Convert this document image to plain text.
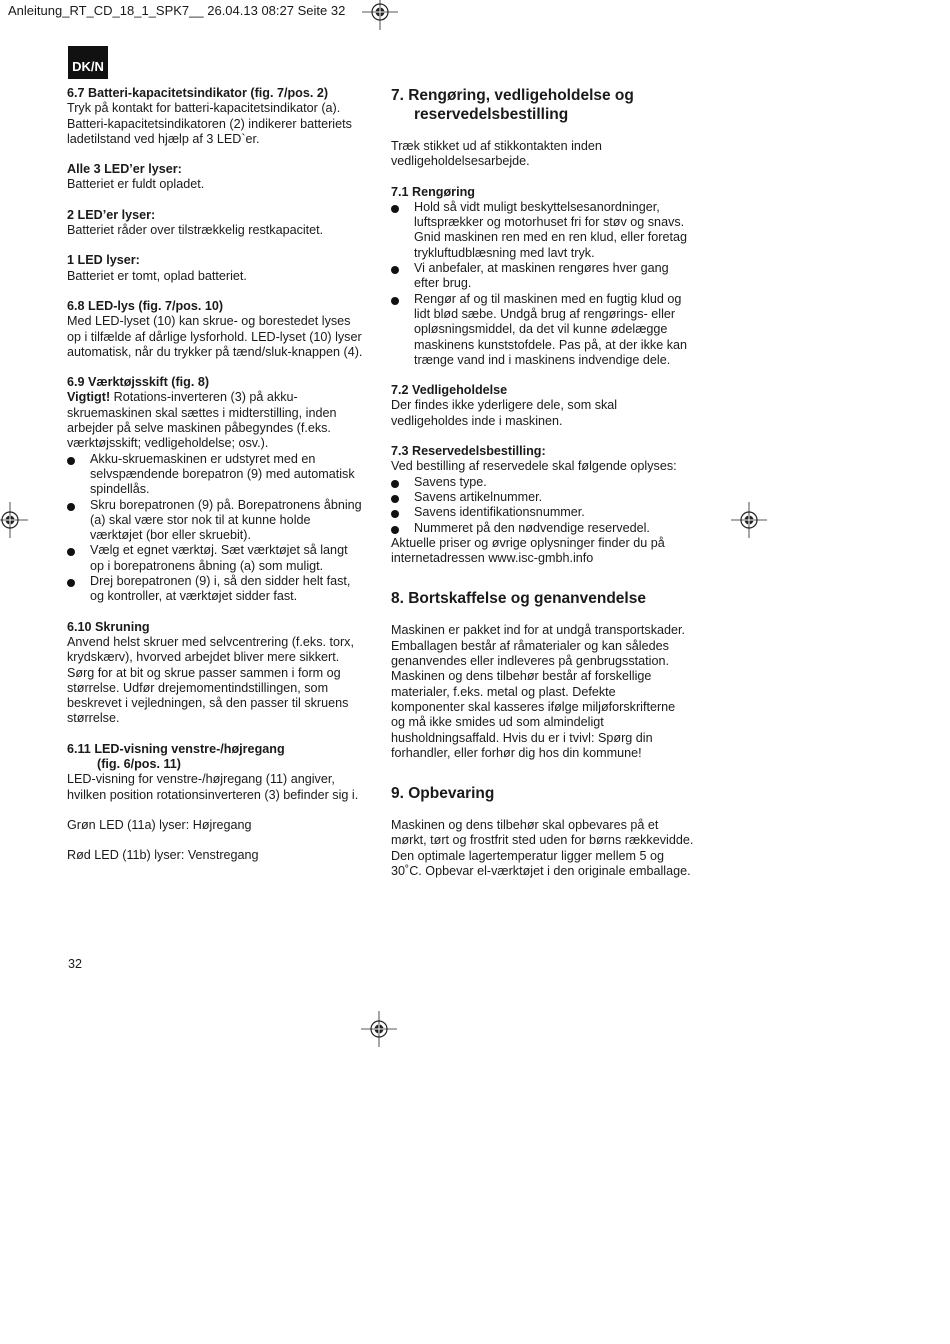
Anleitung_RT_CD_18_1_SPK7__ 26.04.13 08:27 Seite 32
DK/N

6.7 Batteri-kapacitetsindikator (fig. 7/pos. 2)

Tryk på kontakt for batteri-kapacitetsindikator (a).

Batteri-kapacitetsindikatoren (2) indikerer batteriets

ladetilstand ved hjælp af 3 LED`er.

Alle 3 LED’er lyser:

Batteriet er fuldt opladet.

2 LED’er lyser:

Batteriet råder over tilstrækkelig restkapacitet.

1 LED lyser:

Batteriet er tomt, oplad batteriet.

6.8 LED-lys (fig. 7/pos. 10)

Med LED-lyset (10) kan skrue- og borestedet lyses

op i tilfælde af dårlige lysforhold. LED-lyset (10) lyser

automatisk, når du trykker på tænd/sluk-knappen (4).

6.9 Værktøjsskift (fig. 8)

Vigtigt! Rotations-inverteren (3) på akku-

skruemaskinen skal sættes i midterstilling, inden

arbejder på selve maskinen påbegyndes (f.eks.

værktøjsskift; vedligeholdelse; osv.).

Akku-skruemaskinen er udstyret med en

selvspændende borepatron (9) med automatisk

spindellås.

Skru borepatronen (9) på. Borepatronens åbning

(a) skal være stor nok til at kunne holde

værktøjet (bor eller skruebit).

Vælg et egnet værktøj. Sæt værktøjet så langt

op i borepatronens åbning (a) som muligt.

Drej borepatronen (9) i, så den sidder helt fast,

og kontroller, at værktøjet sidder fast.

6.10 Skruning

Anvend helst skruer med selvcentrering (f.eks. torx,

krydskærv), hvorved arbejdet bliver mere sikkert.

Sørg for at bit og skrue passer sammen i form og

størrelse. Udfør drejemomentindstillingen, som

beskrevet i vejledningen, så den passer til skruens

størrelse.

6.11 LED-visning venstre-/højregang

(fig. 6/pos. 11)

LED-visning for venstre-/højregang (11) angiver,

hvilken position rotationsinverteren (3) befinder sig i.

Grøn LED (11a) lyser: Højregang

Rød LED (11b) lyser: Venstregang

7. Rengøring, vedligeholdelse og

reservedelsbestilling

Træk stikket ud af stikkontakten inden

vedligeholdelsesarbejde.

7.1 Rengøring

Hold så vidt muligt beskyttelsesanordninger,

luftsprækker og motorhuset fri for støv og snavs.

Gnid maskinen ren med en ren klud, eller foretag

trykluftudblæsning med lavt tryk.

Vi anbefaler, at maskinen rengøres hver gang

efter brug.

Rengør af og til maskinen med en fugtig klud og

lidt blød sæbe. Undgå brug af rengørings- eller

opløsningsmiddel, da det vil kunne ødelægge

maskinens kunststofdele. Pas på, at der ikke kan

trænge vand ind i maskinens indvendige dele.

7.2 Vedligeholdelse

Der findes ikke yderligere dele, som skal

vedligeholdes inde i maskinen.

7.3 Reservedelsbestilling:

Ved bestilling af reservedele skal følgende oplyses:

Savens type.

Savens artikelnummer.

Savens identifikationsnummer.

Nummeret på den nødvendige reservedel.

Aktuelle priser og øvrige oplysninger finder du på

internetadressen www.isc-gmbh.info

8. Bortskaffelse og genanvendelse

Maskinen er pakket ind for at undgå transportskader.

Emballagen består af råmaterialer og kan således

genanvendes eller indleveres på genbrugsstation.

Maskinen og dens tilbehør består af forskellige

materialer, f.eks. metal og plast. Defekte

komponenter skal kasseres ifølge miljøforskrifterne

og må ikke smides ud som almindeligt

husholdningsaffald. Hvis du er i tvivl: Spørg din

forhandler, eller forhør dig hos din kommune!

9. Opbevaring

Maskinen og dens tilbehør skal opbevares på et

mørkt, tørt og frostfrit sted uden for børns rækkevidde.

Den optimale lagertemperatur ligger mellem 5 og

30˚C. Opbevar el-værktøjet i den originale emballage.

32
